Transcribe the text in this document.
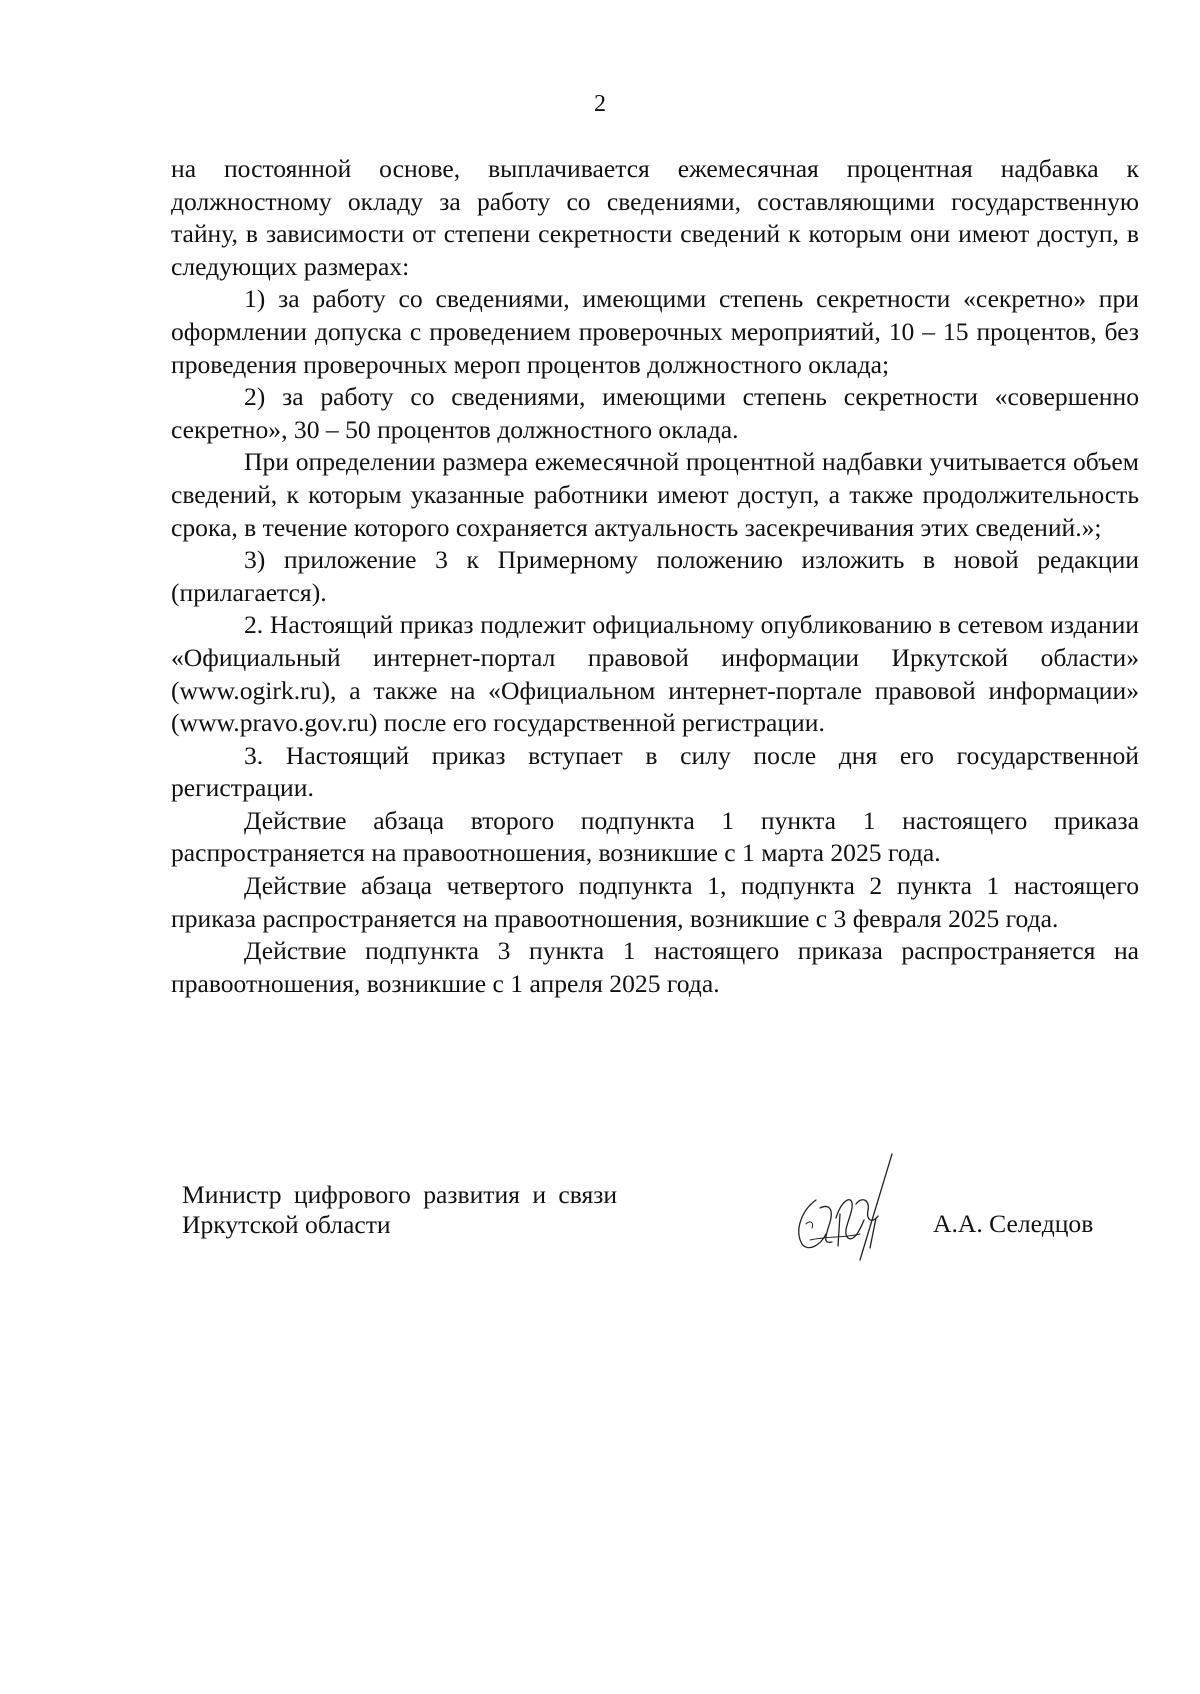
2

на постоянной основе, выплачивается ежемесячная процентная надбавка к должностному окладу за работу со сведениями, составляющими государственную тайну, в зависимости от степени секретности сведений к которым они имеют доступ, в следующих размерах:

1) за работу со сведениями, имеющими степень секретности «секретно» при оформлении допуска с проведением проверочных мероприятий, 10 – 15 процентов, без проведения проверочных мероп процентов должностного оклада;

2) за работу со сведениями, имеющими степень секретности «совершенно секретно», 30 – 50 процентов должностного оклада.

При определении размера ежемесячной процентной надбавки учитывается объем сведений, к которым указанные работники имеют доступ, а также продолжительность срока, в течение которого сохраняется актуальность засекречивания этих сведений.»;

3) приложение 3 к Примерному положению изложить в новой редакции (прилагается).

2. Настоящий приказ подлежит официальному опубликованию в сетевом издании «Официальный интернет-портал правовой информации Иркутской области» (www.ogirk.ru), а также на «Официальном интернет-портале правовой информации» (www.pravo.gov.ru) после его государственной регистрации.

3. Настоящий приказ вступает в силу после дня его государственной регистрации.

Действие абзаца второго подпункта 1 пункта 1 настоящего приказа распространяется на правоотношения, возникшие с 1 марта 2025 года.

Действие абзаца четвертого подпункта 1, подпункта 2 пункта 1 настоящего приказа распространяется на правоотношения, возникшие с 3 февраля 2025 года.

Действие подпункта 3 пункта 1 настоящего приказа распространяется на правоотношения, возникшие с 1 апреля 2025 года.

Министр цифрового развития и связи
Иркутской области	А.А. Селедцов
